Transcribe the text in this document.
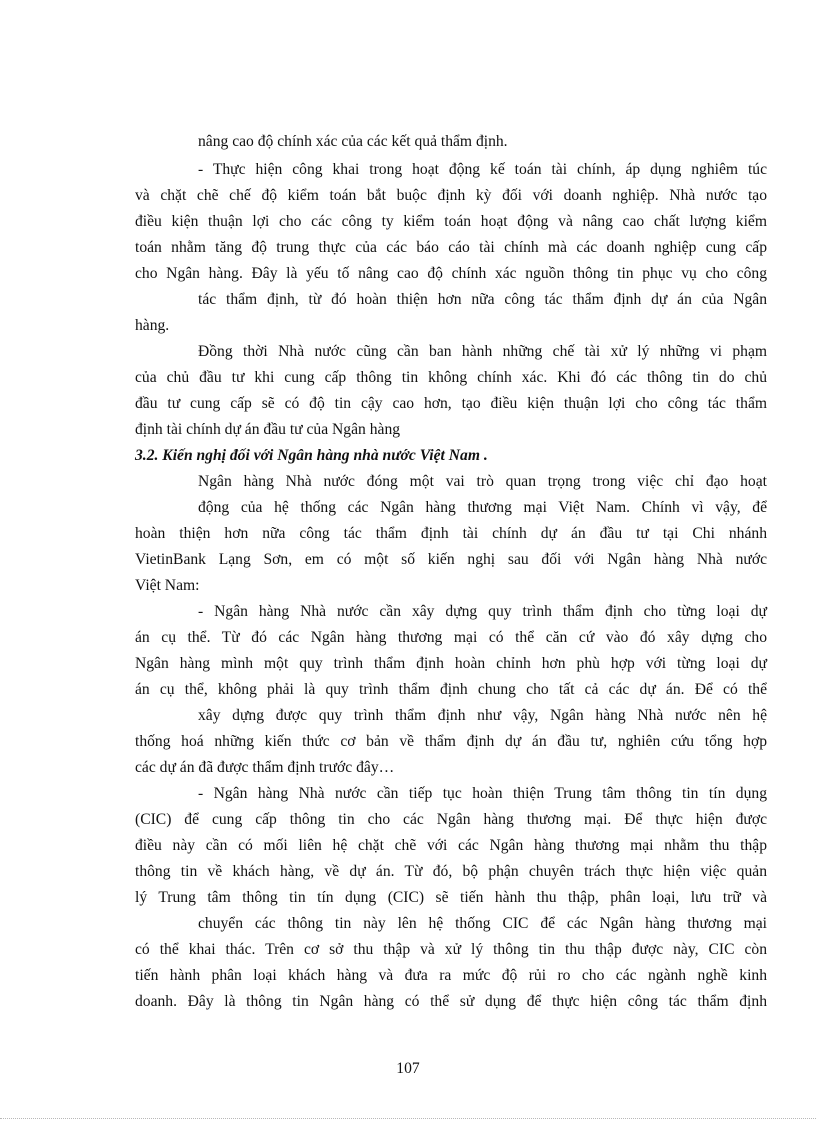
nâng cao độ chính xác của các kết quả thẩm định.

- Thực hiện công khai trong hoạt động kế toán tài chính, áp dụng nghiêm túc

và chặt chẽ chế độ kiểm toán bắt buộc định kỳ đối với doanh nghiệp. Nhà nước tạo

điều kiện thuận lợi cho các công ty kiểm toán hoạt động và nâng cao chất lượng kiểm

toán nhằm tăng độ trung thực của các báo cáo tài chính mà các doanh nghiệp cung cấp

cho Ngân hàng. Đây là yếu tố nâng cao độ chính xác nguồn thông tin phục vụ cho công

tác thẩm định, từ đó hoàn thiện hơn nữa công tác thẩm định dự án của Ngân

hàng.

Đồng thời Nhà nước cũng cần ban hành những chế tài xử lý những vi phạm

của chủ đầu tư khi cung cấp thông tin không chính xác. Khi đó các thông tin do chủ

đầu tư cung cấp sẽ có độ tin cậy cao hơn, tạo điều kiện thuận lợi cho công tác thẩm

định tài chính dự án đầu tư của Ngân hàng

3.2. Kiến nghị đối với Ngân hàng nhà nước Việt Nam .

Ngân hàng Nhà nước đóng một vai trò quan trọng trong việc chỉ đạo hoạt

động của hệ thống các Ngân hàng thương mại Việt Nam. Chính vì vậy, để

hoàn thiện hơn nữa công tác thẩm định tài chính dự án đầu tư tại Chi nhánh

VietinBank Lạng Sơn, em có một số kiến nghị sau đối với Ngân hàng Nhà nước

Việt Nam:

- Ngân hàng Nhà nước cần xây dựng quy trình thẩm định cho từng loại dự

án cụ thể. Từ đó các Ngân hàng thương mại có thể căn cứ vào đó xây dựng cho

Ngân hàng mình một quy trình thẩm định hoàn chỉnh hơn phù hợp với từng loại dự

án cụ thể, không phải là quy trình thẩm định chung cho tất cả các dự án. Để có thể

xây dựng được quy trình thẩm định như vậy, Ngân hàng Nhà nước nên hệ

thống hoá những kiến thức cơ bản về thẩm định dự án đầu tư, nghiên cứu tổng hợp

các dự án đã được thẩm định trước đây…

- Ngân hàng Nhà nước cần tiếp tục hoàn thiện Trung tâm thông tin tín dụng

(CIC) để cung cấp thông tin cho các Ngân hàng thương mại. Để thực hiện được

điều này cần có mối liên hệ chặt chẽ với các Ngân hàng thương mại nhằm thu thập

thông tin về khách hàng, về dự án. Từ đó, bộ phận chuyên trách thực hiện việc quản

lý Trung tâm thông tin tín dụng (CIC) sẽ tiến hành thu thập, phân loại, lưu trữ và

chuyển các thông tin này lên hệ thống CIC để các Ngân hàng thương mại

có thể khai thác. Trên cơ sở thu thập và xử lý thông tin thu thập được này, CIC còn

tiến hành phân loại khách hàng và đưa ra mức độ rủi ro cho các ngành nghề kinh

doanh. Đây là thông tin Ngân hàng có thể sử dụng để thực hiện công tác thẩm định

107
